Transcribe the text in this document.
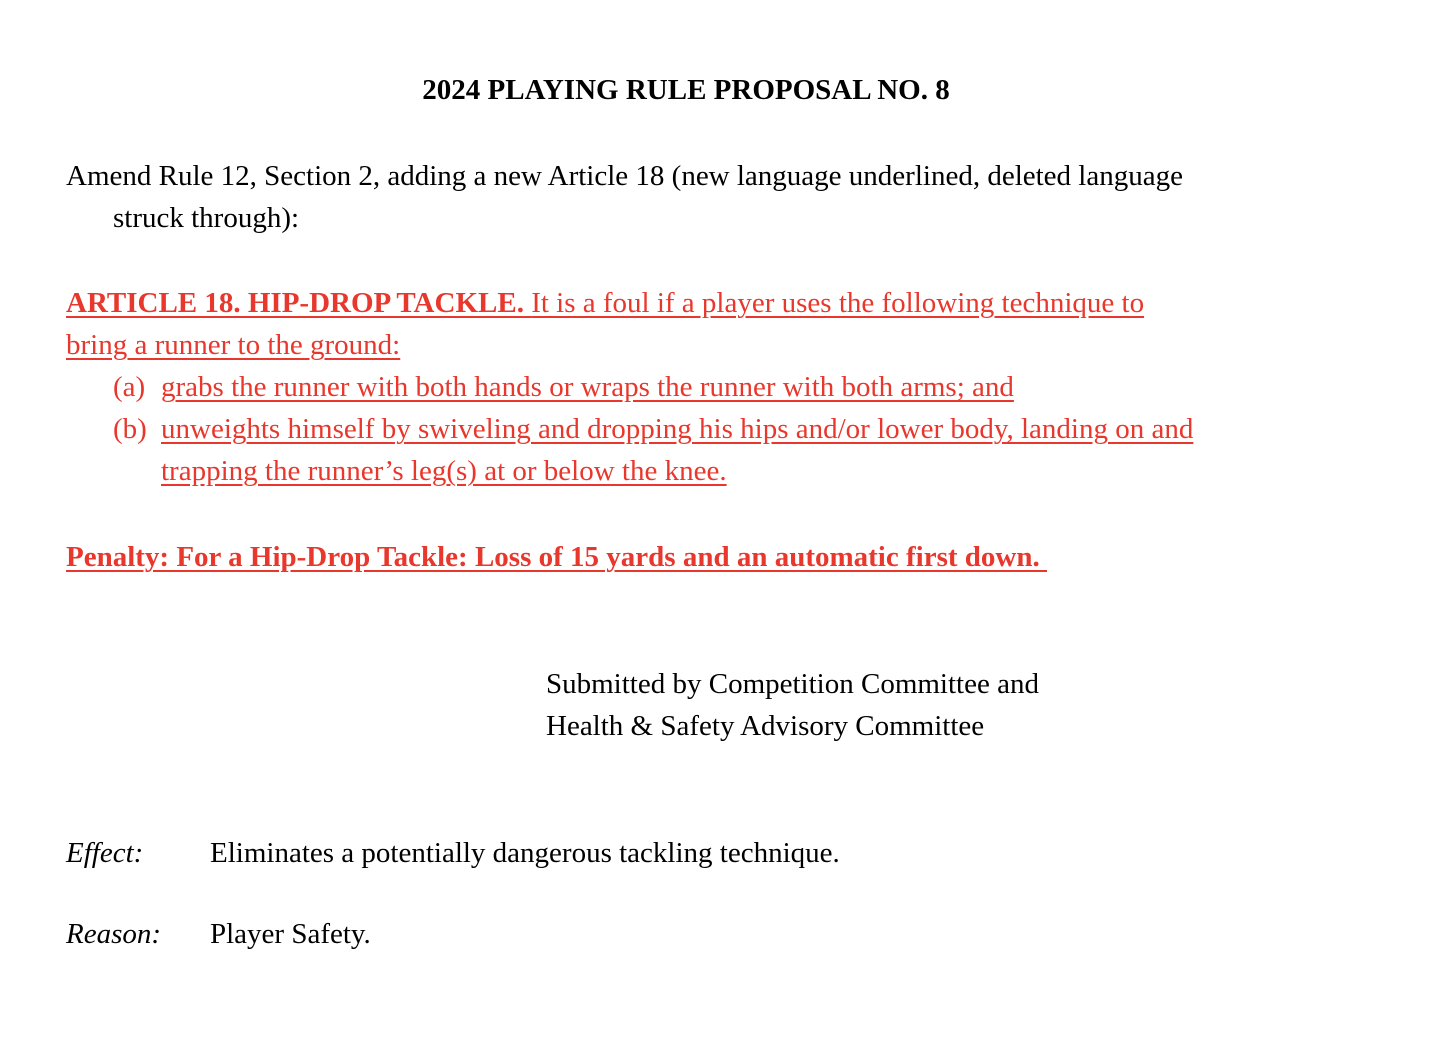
2024 PLAYING RULE PROPOSAL NO. 8
Amend Rule 12, Section 2, adding a new Article 18 (new language underlined, deleted language
struck through):
ARTICLE 18. HIP-DROP TACKLE. It is a foul if a player uses the following technique to
bring a runner to the ground:
(a) grabs the runner with both hands or wraps the runner with both arms; and
(b) unweights himself by swiveling and dropping his hips and/or lower body, landing on and
trapping the runner’s leg(s) at or below the knee.
Penalty: For a Hip-Drop Tackle: Loss of 15 yards and an automatic first down.
Submitted by Competition Committee and
Health & Safety Advisory Committee
Effect: Eliminates a potentially dangerous tackling technique.
Reason: Player Safety.
